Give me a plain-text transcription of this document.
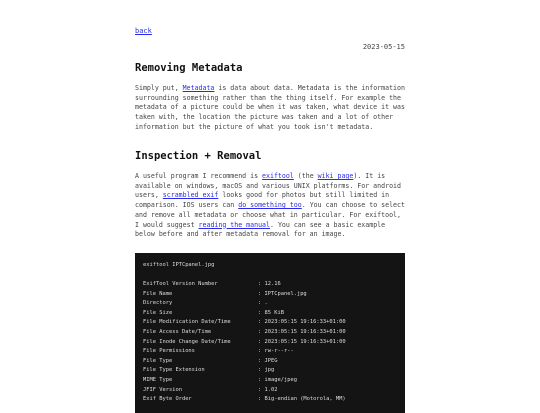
back
2023-05-15
Removing Metadata

Simply put, Metadata is data about data. Metadata is the information surrounding something rather than the thing itself. For example the metadata of a picture could be when it was taken, what device it was taken with, the location the picture was taken and a lot of other information but the picture of what you took isn't metadata.

Inspection + Removal

A useful program I recommend is exiftool (the wiki page). It is available on windows, macOS and various UNIX platforms. For android users, scrambled exif looks good for photos but still limited in comparison. IOS users can do something too. You can choose to select and remove all metadata or choose what in particular. For exiftool, I would suggest reading the manual. You can see a basic example below before and after metadata removal for an image.

exiftool IPTCpanel.jpg
ExifTool Version Number	: 12.16
File Name	: IPTCpanel.jpg
Directory	: .
File Size	: 85 KiB
File Modification Date/Time	: 2023:05:15 19:16:33+01:00
File Access Date/Time	: 2023:05:15 19:16:33+01:00
File Inode Change Date/Time	: 2023:05:15 19:16:33+01:00
File Permissions	: rw-r--r--
File Type	: JPEG
File Type Extension	: jpg
MIME Type	: image/jpeg
JFIF Version	: 1.02
Exif Byte Order	: Big-endian (Motorola, MM)
